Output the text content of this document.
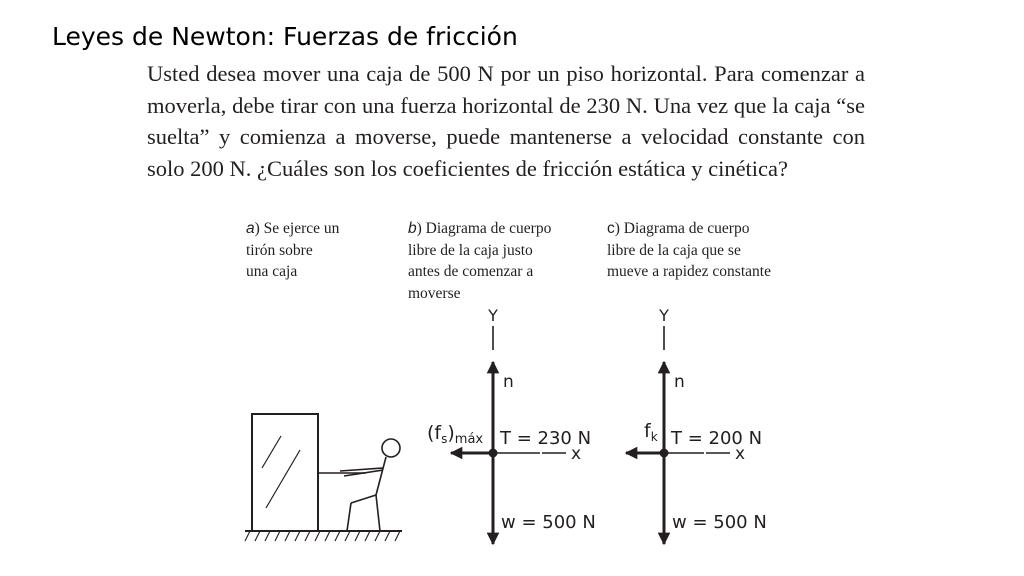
Leyes de Newton: Fuerzas de fricción

Usted desea mover una caja de 500 N por un piso horizontal. Para comenzar a moverla, debe tirar con una fuerza horizontal de 230 N. Una vez que la caja “se suelta” y comienza a moverse, puede mantenerse a velocidad constante con solo 200 N. ¿Cuáles son los coeficientes de fricción estática y cinética?

a) Se ejerce un
tirón sobre
una caja
b) Diagrama de cuerpo
libre de la caja justo
antes de comenzar a
moverse
c) Diagrama de cuerpo
libre de la caja que se
mueve a rapidez constante
Y
n
w = 500 N
$(f_s)_{máx}$ T = 230 N
x
Y
n
w = 500 N
$f_k$ T = 200 N
x
